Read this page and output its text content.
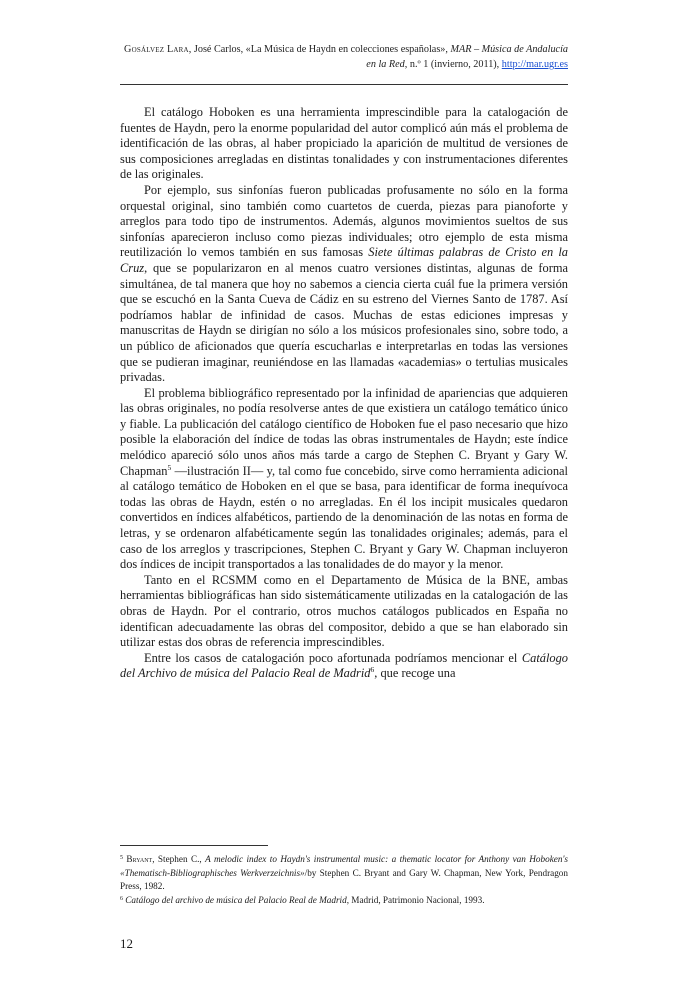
Gosálvez Lara, José Carlos, «La Música de Haydn en colecciones españolas», MAR – Música de Andalucía en la Red, n.º 1 (invierno, 2011), http://mar.ugr.es

El catálogo Hoboken es una herramienta imprescindible para la catalogación de fuentes de Haydn, pero la enorme popularidad del autor complicó aún más el problema de identificación de las obras, al haber propiciado la aparición de multitud de versiones de sus composiciones arregladas en distintas tonalidades y con instrumentaciones diferentes de las originales.

Por ejemplo, sus sinfonías fueron publicadas profusamente no sólo en la forma orquestal original, sino también como cuartetos de cuerda, piezas para pianoforte y arreglos para todo tipo de instrumentos. Además, algunos movimientos sueltos de sus sinfonías aparecieron incluso como piezas individuales; otro ejemplo de esta misma reutilización lo vemos también en sus famosas Siete últimas palabras de Cristo en la Cruz, que se popularizaron en al menos cuatro versiones distintas, algunas de forma simultánea, de tal manera que hoy no sabemos a ciencia cierta cuál fue la primera versión que se escuchó en la Santa Cueva de Cádiz en su estreno del Viernes Santo de 1787. Así podríamos hablar de infinidad de casos. Muchas de estas ediciones impresas y manuscritas de Haydn se dirigían no sólo a los músicos profesionales sino, sobre todo, a un público de aficionados que quería escucharlas e interpretarlas en todas las versiones que se pudieran imaginar, reuniéndose en las llamadas «academias» o tertulias musicales privadas.

El problema bibliográfico representado por la infinidad de apariencias que adquieren las obras originales, no podía resolverse antes de que existiera un catálogo temático único y fiable. La publicación del catálogo científico de Hoboken fue el paso necesario que hizo posible la elaboración del índice de todas las obras instrumentales de Haydn; este índice melódico apareció sólo unos años más tarde a cargo de Stephen C. Bryant y Gary W. Chapman$^5$ —ilustración II— y, tal como fue concebido, sirve como herramienta adicional al catálogo temático de Hoboken en el que se basa, para identificar de forma inequívoca todas las obras de Haydn, estén o no arregladas. En él los incipit musicales quedaron convertidos en índices alfabéticos, partiendo de la denominación de las notas en forma de letras, y se ordenaron alfabéticamente según las tonalidades originales; además, para el caso de los arreglos y trascripciones, Stephen C. Bryant y Gary W. Chapman incluyeron dos índices de incipit transportados a las tonalidades de do mayor y la menor.

Tanto en el RCSMM como en el Departamento de Música de la BNE, ambas herramientas bibliográficas han sido sistemáticamente utilizadas en la catalogación de las obras de Haydn. Por el contrario, otros muchos catálogos publicados en España no identifican adecuadamente las obras del compositor, debido a que se han elaborado sin utilizar estas dos obras de referencia imprescindibles.

Entre los casos de catalogación poco afortunada podríamos mencionar el Catálogo del Archivo de música del Palacio Real de Madrid$^6$, que recoge una

$^5$ Bryant, Stephen C., A melodic index to Haydn's instrumental music: a thematic locator for Anthony van Hoboken's «Thematisch-Bibliographisches Werkverzeichnis»/by Stephen C. Bryant and Gary W. Chapman, New York, Pendragon Press, 1982.

$^6$ Catálogo del archivo de música del Palacio Real de Madrid, Madrid, Patrimonio Nacional, 1993.

12
